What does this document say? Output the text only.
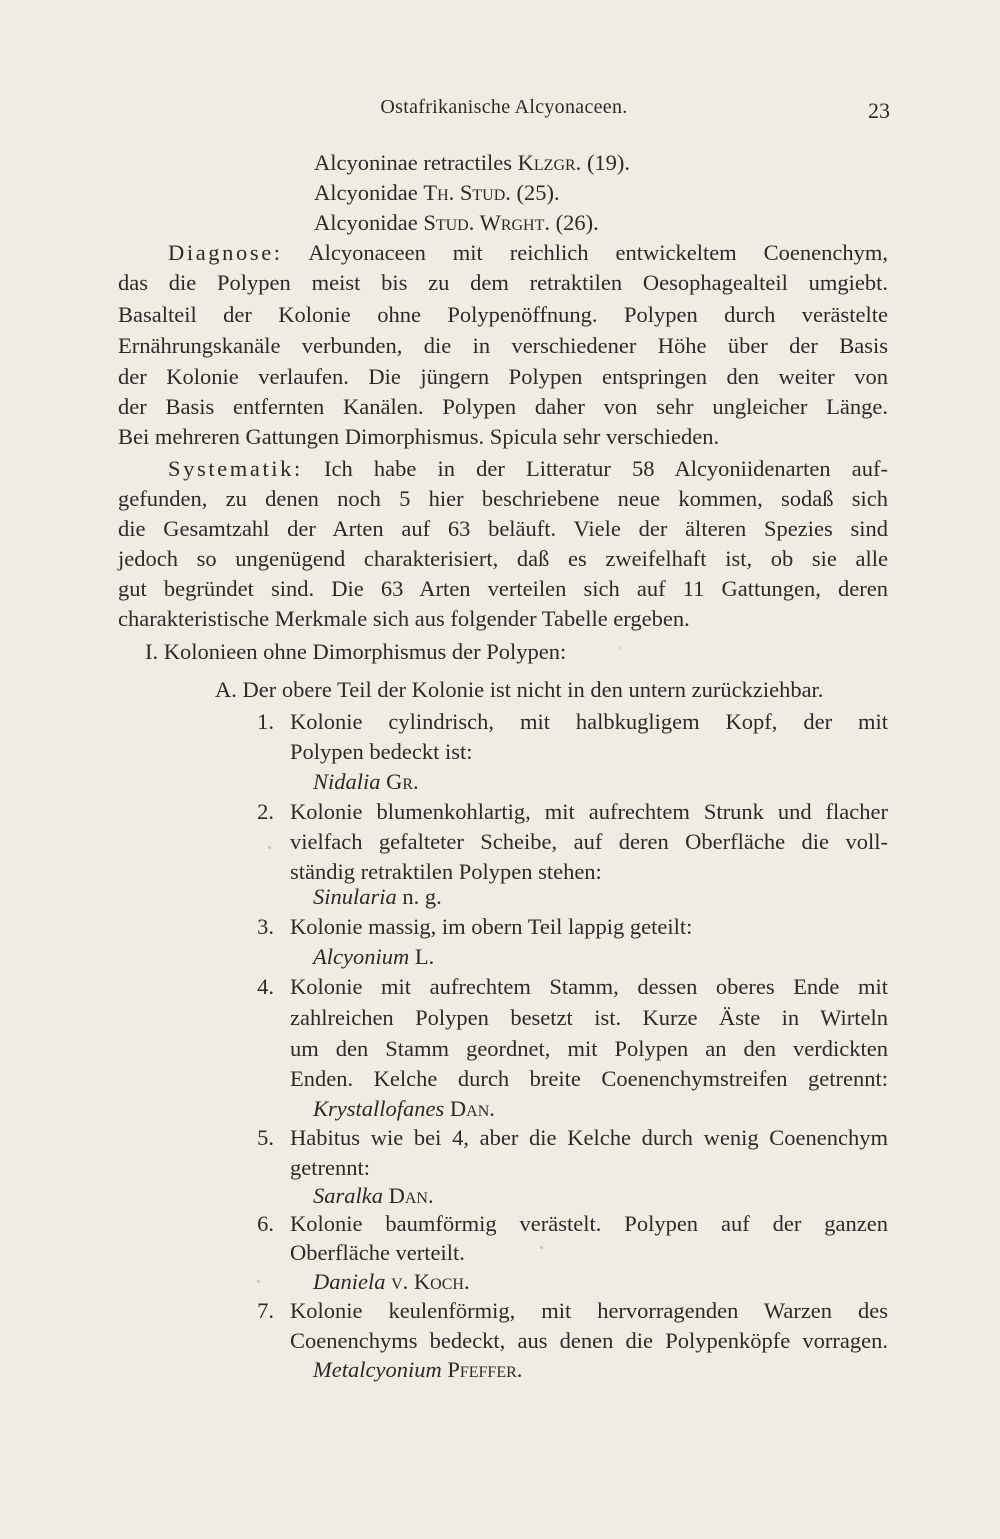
Ostafrikanische Alcyonaceen.	23
Alcyoninae retractiles Klzgr. (19).
Alcyonidae Th. Stud. (25).
Alcyonidae Stud. Wrght. (26).
Diagnose: Alcyonaceen mit reichlich entwickeltem Coenenchym,
das die Polypen meist bis zu dem retraktilen Oesophagealteil umgiebt.
Basalteil der Kolonie ohne Polypenöffnung. Polypen durch verästelte
Ernährungskanäle verbunden, die in verschiedener Höhe über der Basis
der Kolonie verlaufen. Die jüngern Polypen entspringen den weiter von
der Basis entfernten Kanälen. Polypen daher von sehr ungleicher Länge.
Bei mehreren Gattungen Dimorphismus. Spicula sehr verschieden.
Systematik: Ich habe in der Litteratur 58 Alcyoniidenarten auf-
gefunden, zu denen noch 5 hier beschriebene neue kommen, sodaß sich
die Gesamtzahl der Arten auf 63 beläuft. Viele der älteren Spezies sind
jedoch so ungenügend charakterisiert, daß es zweifelhaft ist, ob sie alle
gut begründet sind. Die 63 Arten verteilen sich auf 11 Gattungen, deren
charakteristische Merkmale sich aus folgender Tabelle ergeben.
I. Kolonieen ohne Dimorphismus der Polypen:
A. Der obere Teil der Kolonie ist nicht in den untern zurückziehbar.
1. Kolonie cylindrisch, mit halbkugligem Kopf, der mit
Polypen bedeckt ist:
Nidalia Gr.
2. Kolonie blumenkohlartig, mit aufrechtem Strunk und flacher
vielfach gefalteter Scheibe, auf deren Oberfläche die voll-
ständig retraktilen Polypen stehen:
Sinularia n. g.
3. Kolonie massig, im obern Teil lappig geteilt:
Alcyonium L.
4. Kolonie mit aufrechtem Stamm, dessen oberes Ende mit
zahlreichen Polypen besetzt ist. Kurze Äste in Wirteln
um den Stamm geordnet, mit Polypen an den verdickten
Enden. Kelche durch breite Coenenchymstreifen getrennt:
Krystallofanes Dan.
5. Habitus wie bei 4, aber die Kelche durch wenig Coenenchym
getrennt:
Saralka Dan.
6. Kolonie baumförmig verästelt. Polypen auf der ganzen
Oberfläche verteilt.
Daniela v. Koch.
7. Kolonie keulenförmig, mit hervorragenden Warzen des
Coenenchyms bedeckt, aus denen die Polypenköpfe vorragen.
Metalcyonium Pfeffer.
